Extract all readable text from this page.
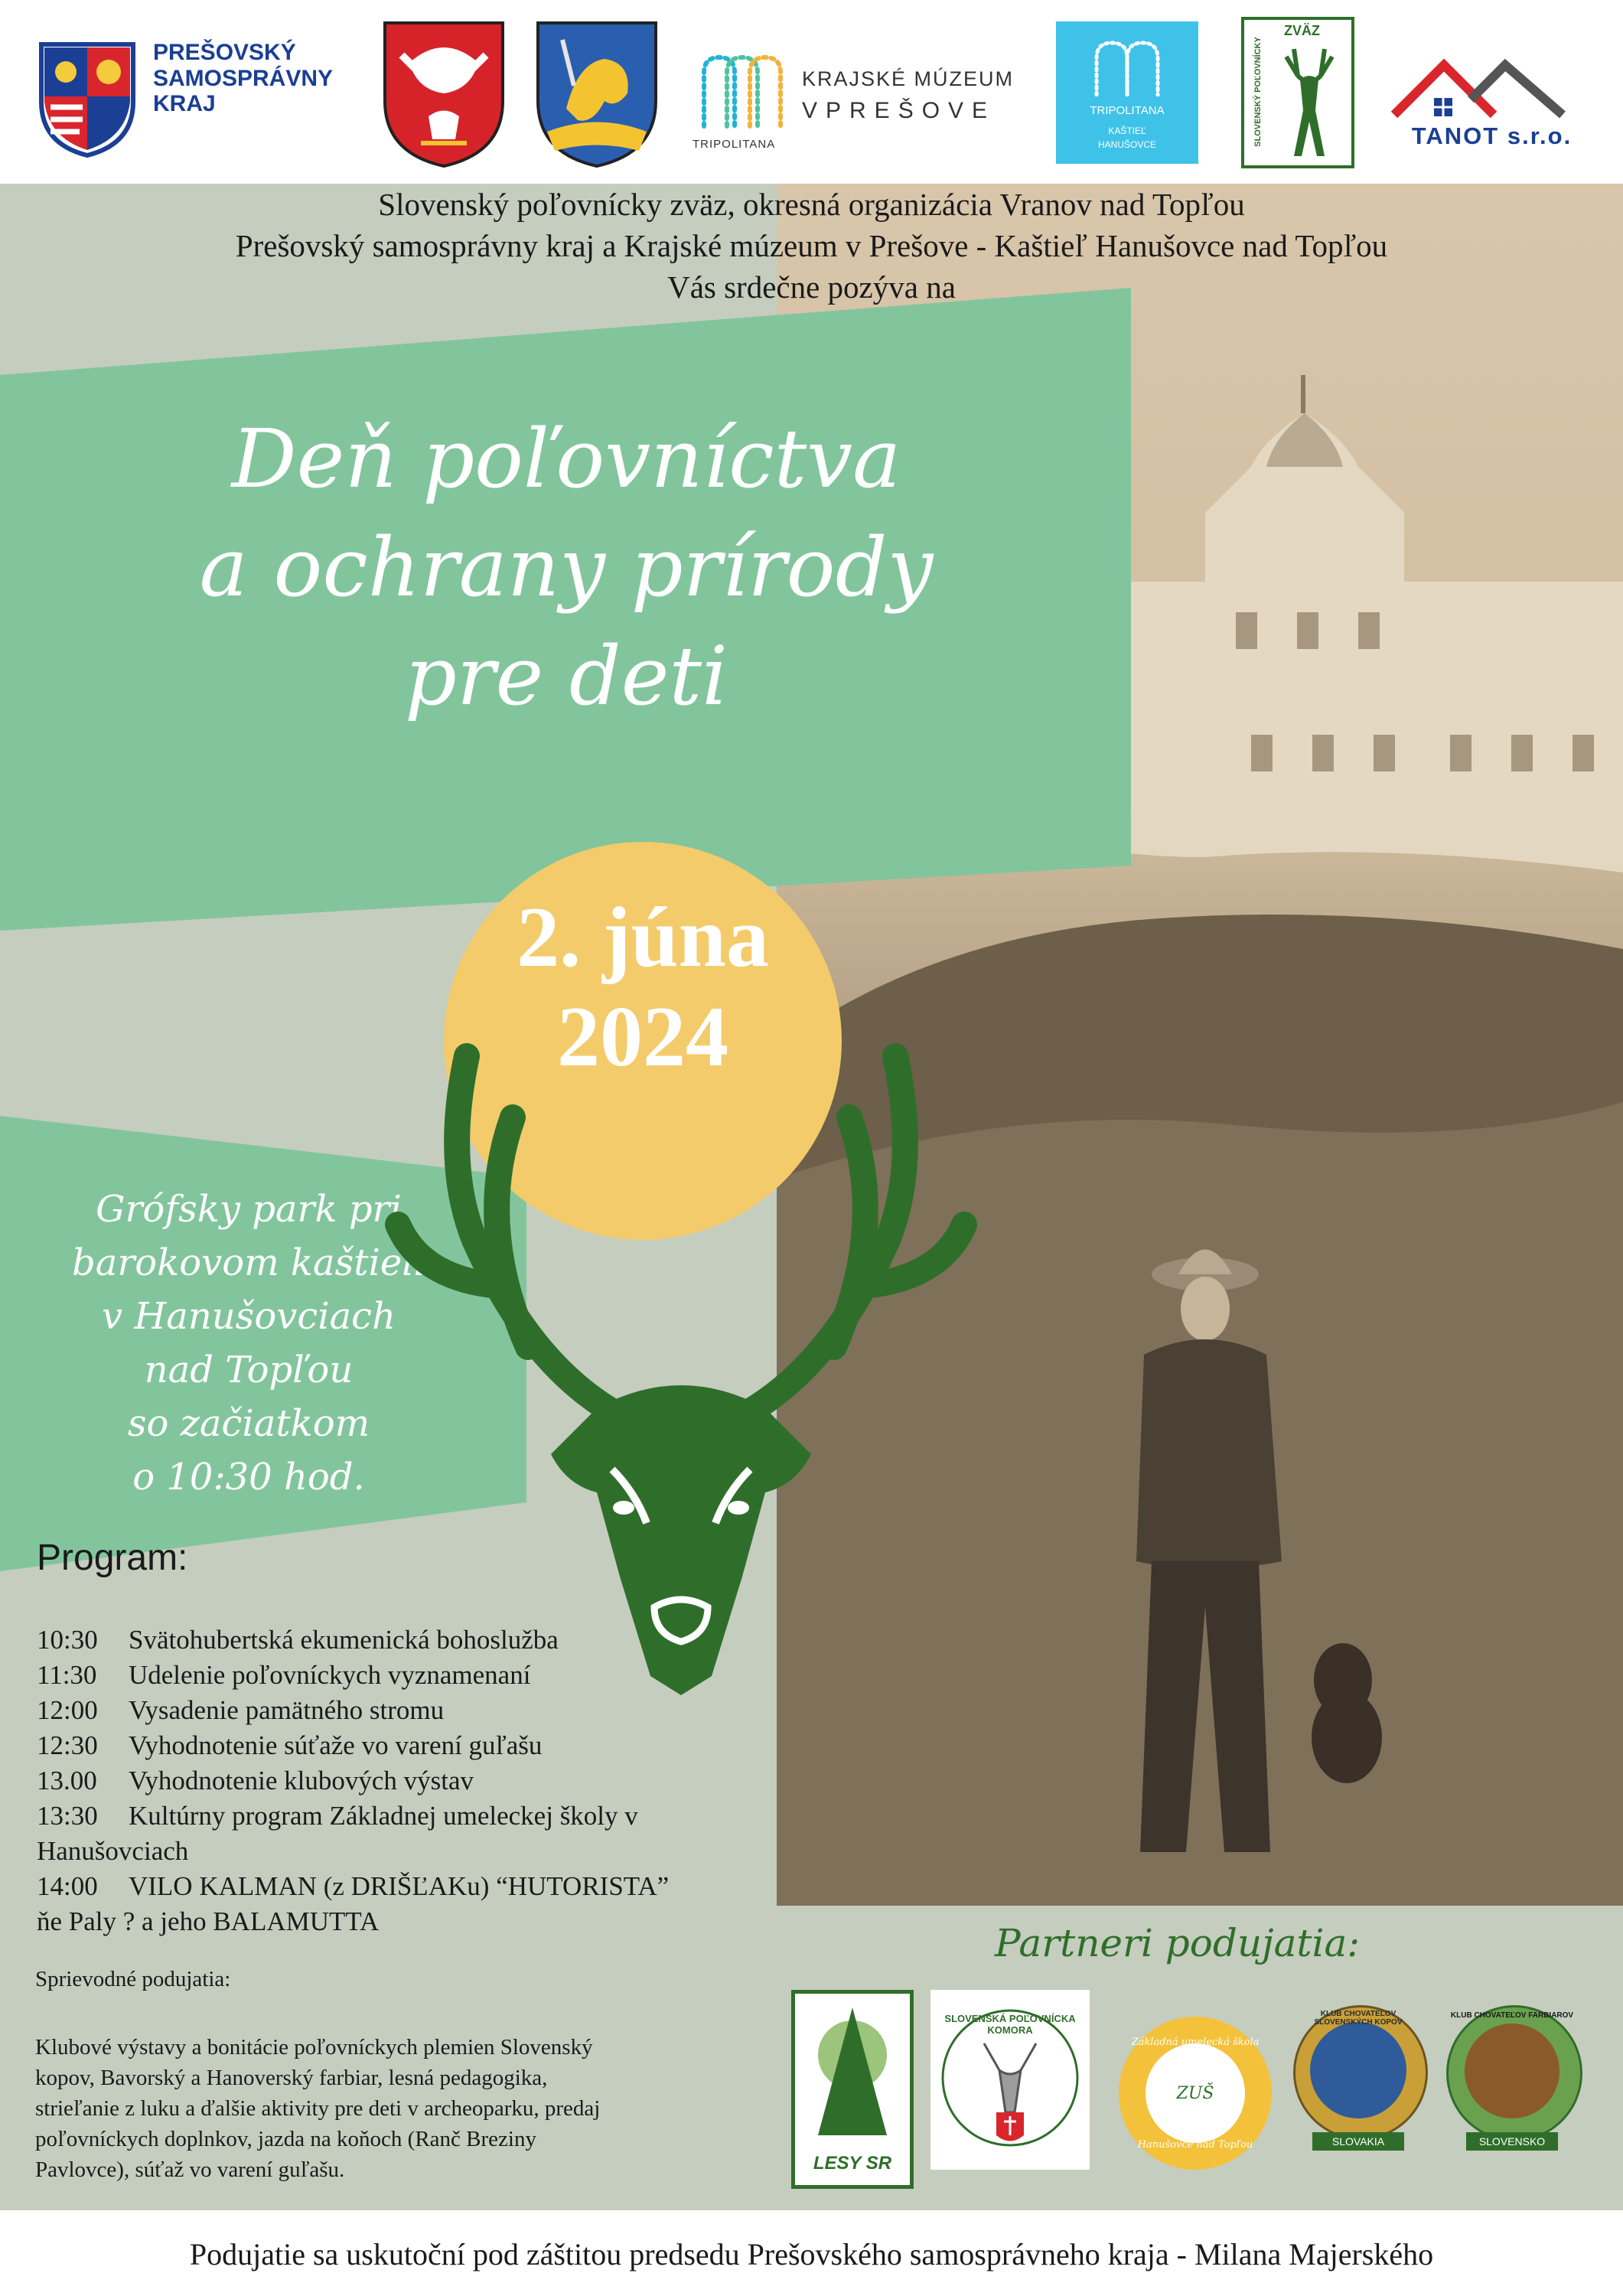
PREŠOVSKÝ
SAMOSPRÁVNY
KRAJ
TRIPOLITANA
KRAJSKÉ MÚZEUM
VPREŠOVE	TRIPOLITANA
KAŠTIEĽ
HANUŠOVCE
ZVÄZ
SLOVENSKÝ POĽOVNÍCKY	TANOT s.r.o.
Slovenský poľovnícky zväz, okresná organizácia Vranov nad Topľou
Prešovský samosprávny kraj a Krajské múzeum v Prešove - Kaštieľ Hanušovce nad Topľou
Vás srdečne pozýva na
Deň poľovníctva
a ochrany prírody
pre deti
Grófsky park pri
barokovom kaštieli
v Hanušovciach
nad Topľou
so začiatkom
o 10:30 hod.
2. júna
2024
Program:
10:30 Svätohubertská ekumenická bohoslužba
11:30 Udelenie poľovníckych vyznamenaní
12:00 Vysadenie pamätného stromu
12:30 Vyhodnotenie súťaže vo varení guľašu
13.00 Vyhodnotenie klubových výstav
13:30 Kultúrny program Základnej umeleckej školy v
Hanušovciach
14:00 VILO KALMAN (z DRIŠĽAKu) “HUTORISTA”
ňe Paly ? a jeho BALAMUTTA
Sprievodné podujatia:
Klubové výstavy a bonitácie poľovníckych plemien Slovenský
kopov, Bavorský a Hanoverský farbiar, lesná pedagogika,
strieľanie z luku a ďalšie aktivity pre deti v archeoparku, predaj
poľovníckych doplnkov, jazda na koňoch (Ranč Breziny
Pavlovce), súťaž vo varení guľašu.
Partneri podujatia:
LESY SR
SLOVENSKÁ POĽOVNÍCKA KOMORA
Základná umelecká škola
ZUŠ
Hanušovce nad Topľou
KLUB CHOVATEĽOV SLOVENSKÝCH KOPOV
SLOVAKIA
KLUB CHOVATEĽOV FARBIAROV
SLOVENSKO
Podujatie sa uskutoční pod záštitou predsedu Prešovského samosprávneho kraja - Milana Majerského
